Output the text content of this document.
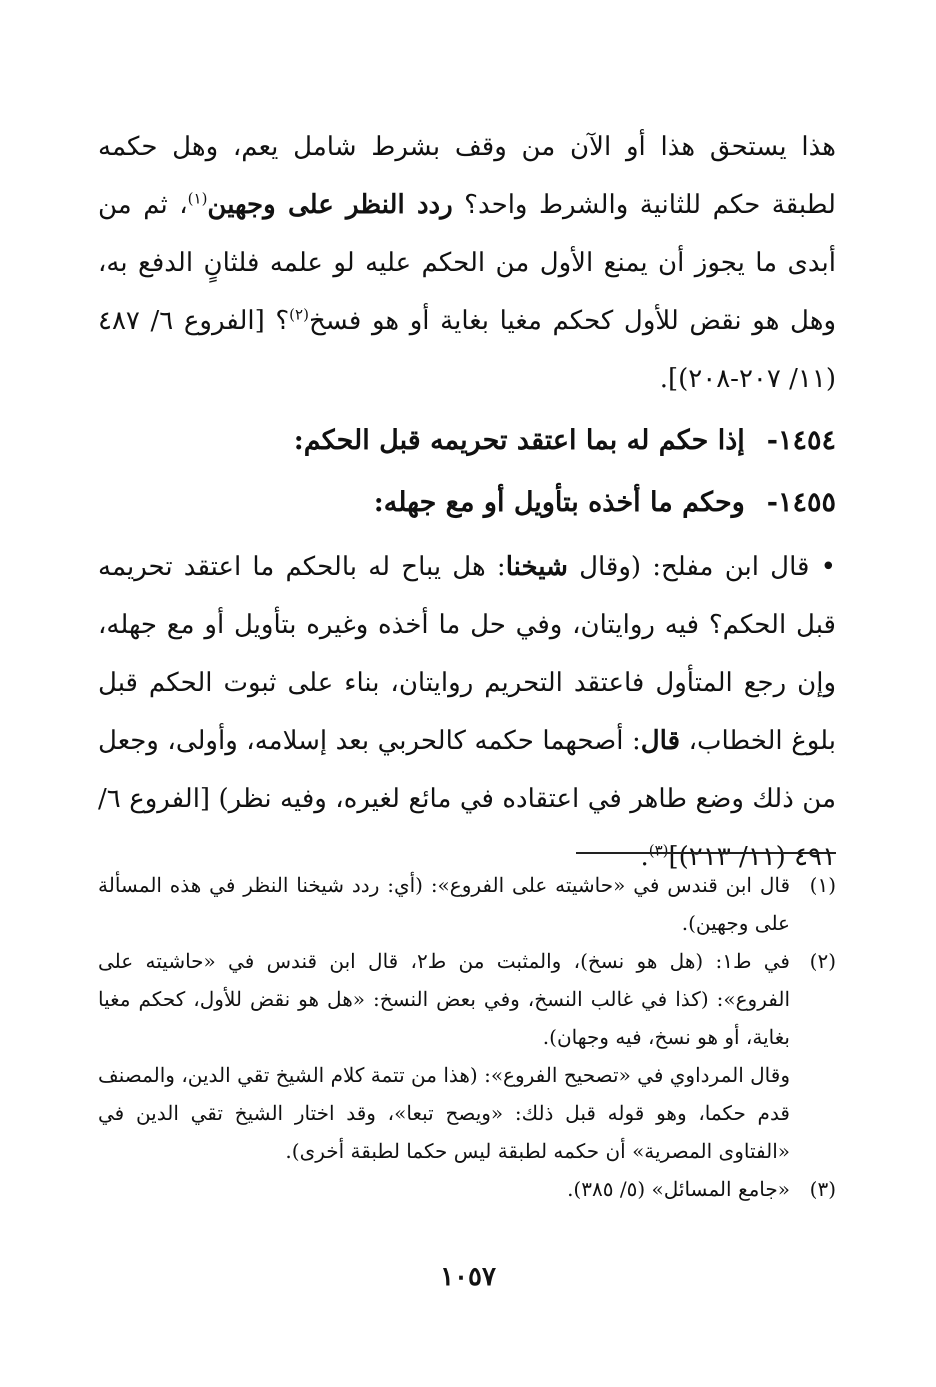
هذا يستحق هذا أو الآن من وقف بشرط شامل يعم، وهل حكمه لطبقة حكم للثانية والشرط واحد؟ ردد النظر على وجهين$^{(١)}$، ثم من أبدى ما يجوز أن يمنع الأول من الحكم عليه لو علمه فلثانٍ الدفع به، وهل هو نقض للأول كحكم مغيا بغاية أو هو فسخ$^{(٢)}$؟ [الفروع ٦/ ٤٨٧ (١١/ ٢٠٧-٢٠٨)].

١٤٥٤-إذا حكم له بما اعتقد تحريمه قبل الحكم:

١٤٥٥-وحكم ما أخذه بتأويل أو مع جهله:

• قال ابن مفلح: (وقال شيخنا: هل يباح له بالحكم ما اعتقد تحريمه قبل الحكم؟ فيه روايتان، وفي حل ما أخذه وغيره بتأويل أو مع جهله، وإن رجع المتأول فاعتقد التحريم روايتان، بناء على ثبوت الحكم قبل بلوغ الخطاب، قال: أصحهما حكمه كالحربي بعد إسلامه، وأولى، وجعل من ذلك وضع طاهر في اعتقاده في مائع لغيره، وفيه نظر) [الفروع ٦/ ٤٩١ (١١/ ٢١٣)]$^{(٣)}$.

(١)

قال ابن قندس في «حاشيته على الفروع»: (أي: ردد شيخنا النظر في هذه المسألة على وجهين).

(٢)

في ط١: (هل هو نسخ)، والمثبت من ط٢، قال ابن قندس في «حاشيته على الفروع»: (كذا في غالب النسخ، وفي بعض النسخ: «هل هو نقض للأول، كحكم مغيا بغاية، أو هو نسخ، فيه وجهان).

وقال المرداوي في «تصحيح الفروع»: (هذا من تتمة كلام الشيخ تقي الدين، والمصنف قدم حكما، وهو قوله قبل ذلك: «ويصح تبعا»، وقد اختار الشيخ تقي الدين في «الفتاوى المصرية» أن حكمه لطبقة ليس حكما لطبقة أخرى).

(٣)

«جامع المسائل» (٥/ ٣٨٥).

١٠٥٧
